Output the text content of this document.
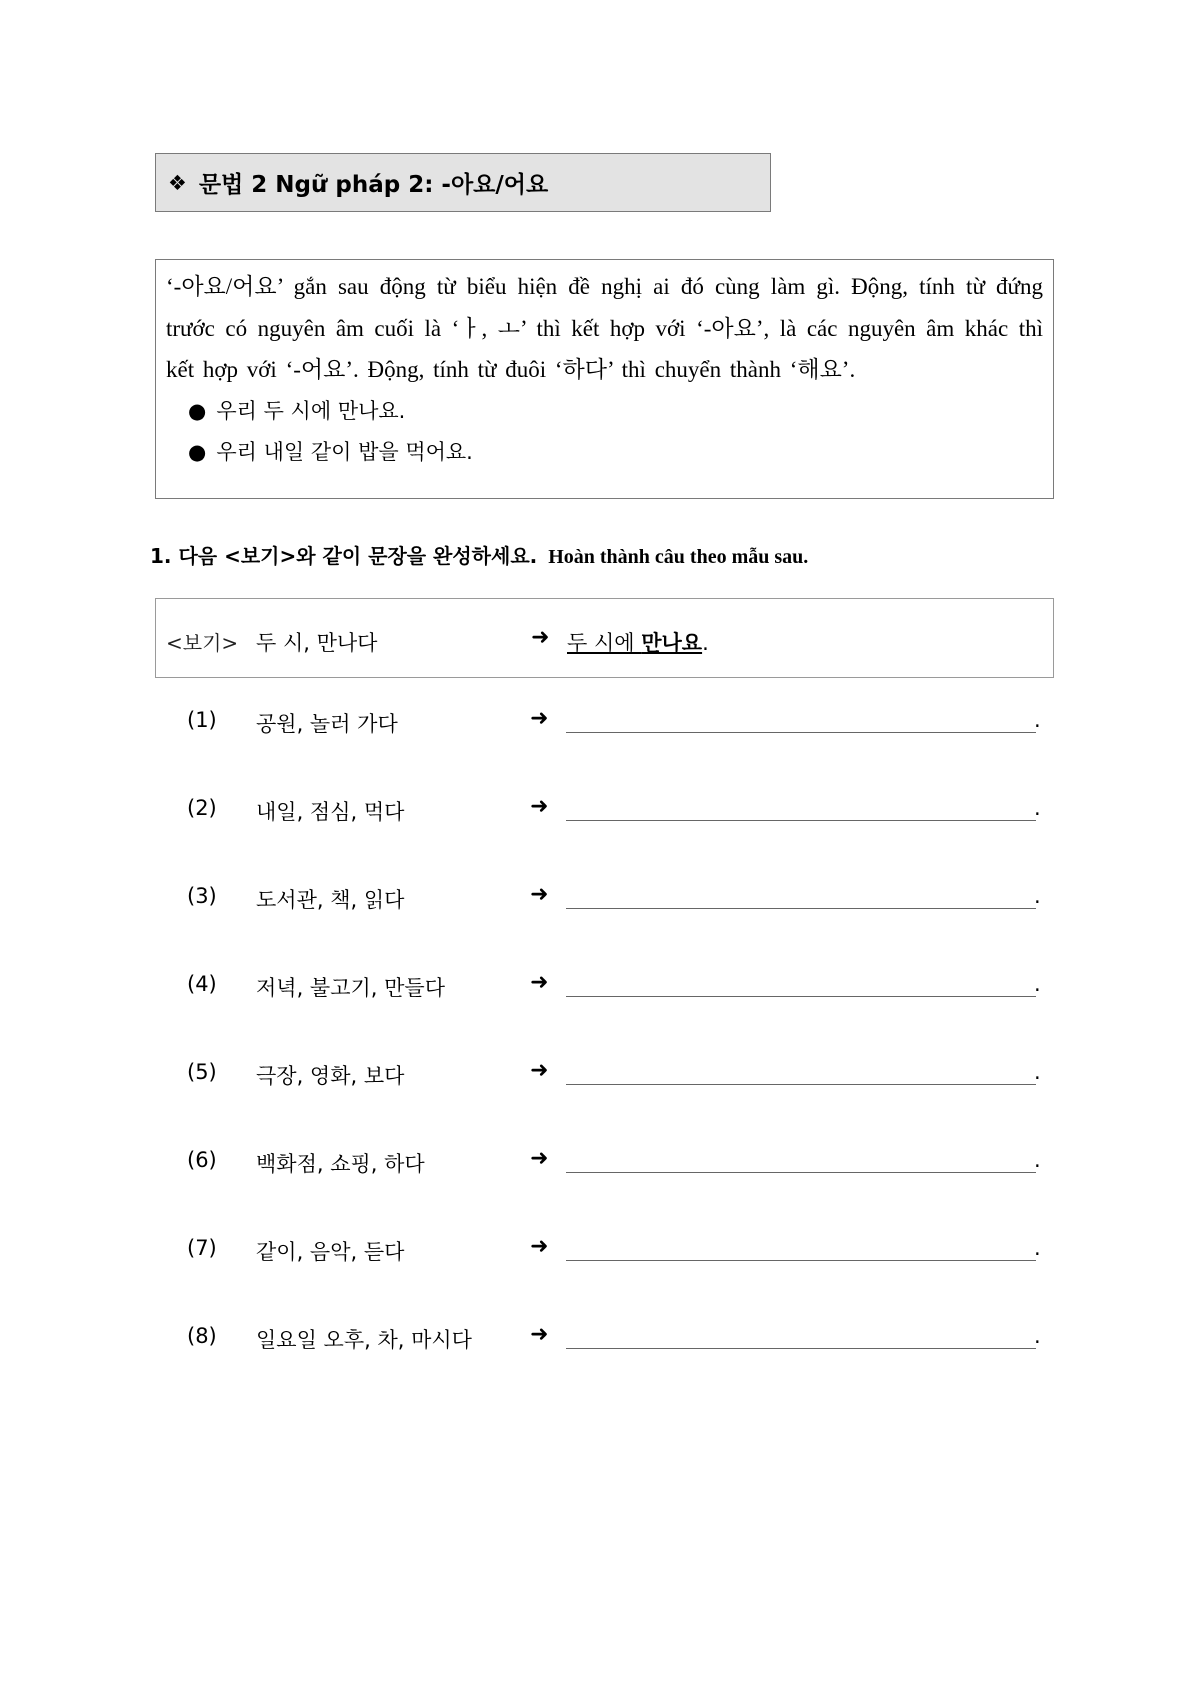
❖ 문법 2 Ngữ pháp 2: -아요/어요

‘-아요/어요’ gắn sau động từ biểu hiện đề nghị ai đó cùng làm gì. Động, tính từ đứng trước có nguyên âm cuối là ‘ㅏ, ㅗ’ thì kết hợp với ‘-아요’, là các nguyên âm khác thì kết hợp với ‘-어요’. Động, tính từ đuôi ‘하다’ thì chuyển thành ‘해요’.

● 우리 두 시에 만나요.
● 우리 내일 같이 밥을 먹어요.
1. 다음 <보기>와 같이 문장을 완성하세요. Hoàn thành câu theo mẫu sau.
<보기> 두 시, 만나다	➜ 두 시에 만나요.
(1) 공원, 놀러 가다	➜	.
(2) 내일, 점심, 먹다	➜	.
(3) 도서관, 책, 읽다	➜	.
(4) 저녁, 불고기, 만들다	➜	.
(5) 극장, 영화, 보다	➜	.
(6) 백화점, 쇼핑, 하다	➜	.
(7) 같이, 음악, 듣다	➜	.
(8) 일요일 오후, 차, 마시다	➜	.
